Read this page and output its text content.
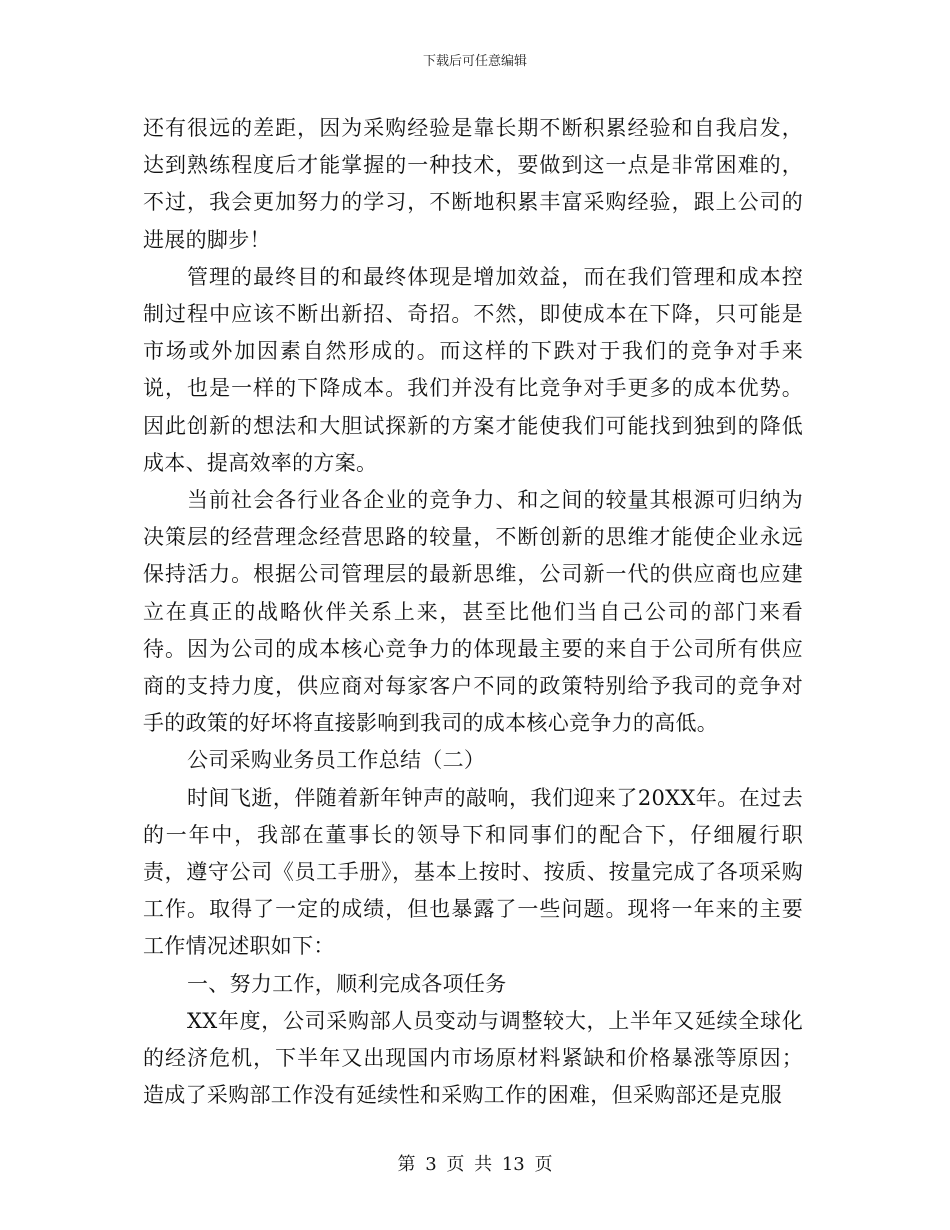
下载后可任意编辑

还有很远的差距，因为采购经验是靠长期不断积累经验和自我启发，达到熟练程度后才能掌握的一种技术，要做到这一点是非常困难的，不过，我会更加努力的学习，不断地积累丰富采购经验，跟上公司的进展的脚步！

管理的最终目的和最终体现是增加效益，而在我们管理和成本控制过程中应该不断出新招、奇招。不然，即使成本在下降，只可能是市场或外加因素自然形成的。而这样的下跌对于我们的竞争对手来说，也是一样的下降成本。我们并没有比竞争对手更多的成本优势。因此创新的想法和大胆试探新的方案才能使我们可能找到独到的降低成本、提高效率的方案。

当前社会各行业各企业的竞争力、和之间的较量其根源可归纳为决策层的经营理念经营思路的较量，不断创新的思维才能使企业永远保持活力。根据公司管理层的最新思维，公司新一代的供应商也应建立在真正的战略伙伴关系上来，甚至比他们当自己公司的部门来看待。因为公司的成本核心竞争力的体现最主要的来自于公司所有供应商的支持力度，供应商对每家客户不同的政策特别给予我司的竞争对手的政策的好坏将直接影响到我司的成本核心竞争力的高低。

公司采购业务员工作总结（二）

时间飞逝，伴随着新年钟声的敲响，我们迎来了20XX年。在过去的一年中，我部在董事长的领导下和同事们的配合下，仔细履行职责，遵守公司《员工手册》，基本上按时、按质、按量完成了各项采购工作。取得了一定的成绩，但也暴露了一些问题。现将一年来的主要工作情况述职如下：

一、努力工作，顺利完成各项任务

XX年度，公司采购部人员变动与调整较大，上半年又延续全球化的经济危机，下半年又出现国内市场原材料紧缺和价格暴涨等原因；造成了采购部工作没有延续性和采购工作的困难，但采购部还是克服

第 3 页 共 13 页
